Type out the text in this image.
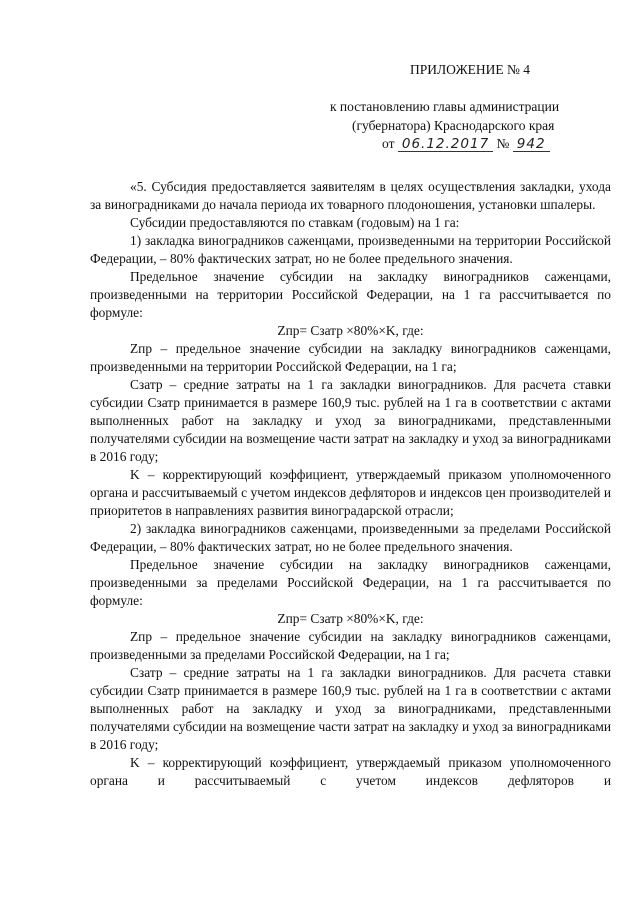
ПРИЛОЖЕНИЕ № 4
к постановлению главы администрации
(губернатора) Краснодарского края
от 06.12.2017 № 942

«5. Субсидия предоставляется заявителям в целях осуществления закладки, ухода за виноградниками до начала периода их товарного плодоношения, установки шпалеры.

Субсидии предоставляются по ставкам (годовым) на 1 га:

1) закладка виноградников саженцами, произведенными на территории Российской Федерации, – 80% фактических затрат, но не более предельного значения.

Предельное значение субсидии на закладку виноградников саженцами, произведенными на территории Российской Федерации, на 1 га рассчитывается по формуле:

Zпр= Сзатр ×80%×K, где:

Zпр – предельное значение субсидии на закладку виноградников саженцами, произведенными на территории Российской Федерации, на 1 га;

Сзатр – средние затраты на 1 га закладки виноградников. Для расчета ставки субсидии Сзатр принимается в размере 160,9 тыс. рублей на 1 га в соответствии с актами выполненных работ на закладку и уход за виноградниками, представленными получателями субсидии на возмещение части затрат на закладку и уход за виноградниками в 2016 году;

K – корректирующий коэффициент, утверждаемый приказом уполномоченного органа и рассчитываемый с учетом индексов дефляторов и индексов цен производителей и приоритетов в направлениях развития виноградарской отрасли;

2) закладка виноградников саженцами, произведенными за пределами Российской Федерации, – 80% фактических затрат, но не более предельного значения.

Предельное значение субсидии на закладку виноградников саженцами, произведенными за пределами Российской Федерации, на 1 га рассчитывается по формуле:

Zпр= Сзатр ×80%×K, где:

Zпр – предельное значение субсидии на закладку виноградников саженцами, произведенными за пределами Российской Федерации, на 1 га;

Сзатр – средние затраты на 1 га закладки виноградников. Для расчета ставки субсидии Сзатр принимается в размере 160,9 тыс. рублей на 1 га в соответствии с актами выполненных работ на закладку и уход за виноградниками, представленными получателями субсидии на возмещение части затрат на закладку и уход за виноградниками в 2016 году;

K – корректирующий коэффициент, утверждаемый приказом уполномоченного органа и рассчитываемый с учетом индексов дефляторов и
